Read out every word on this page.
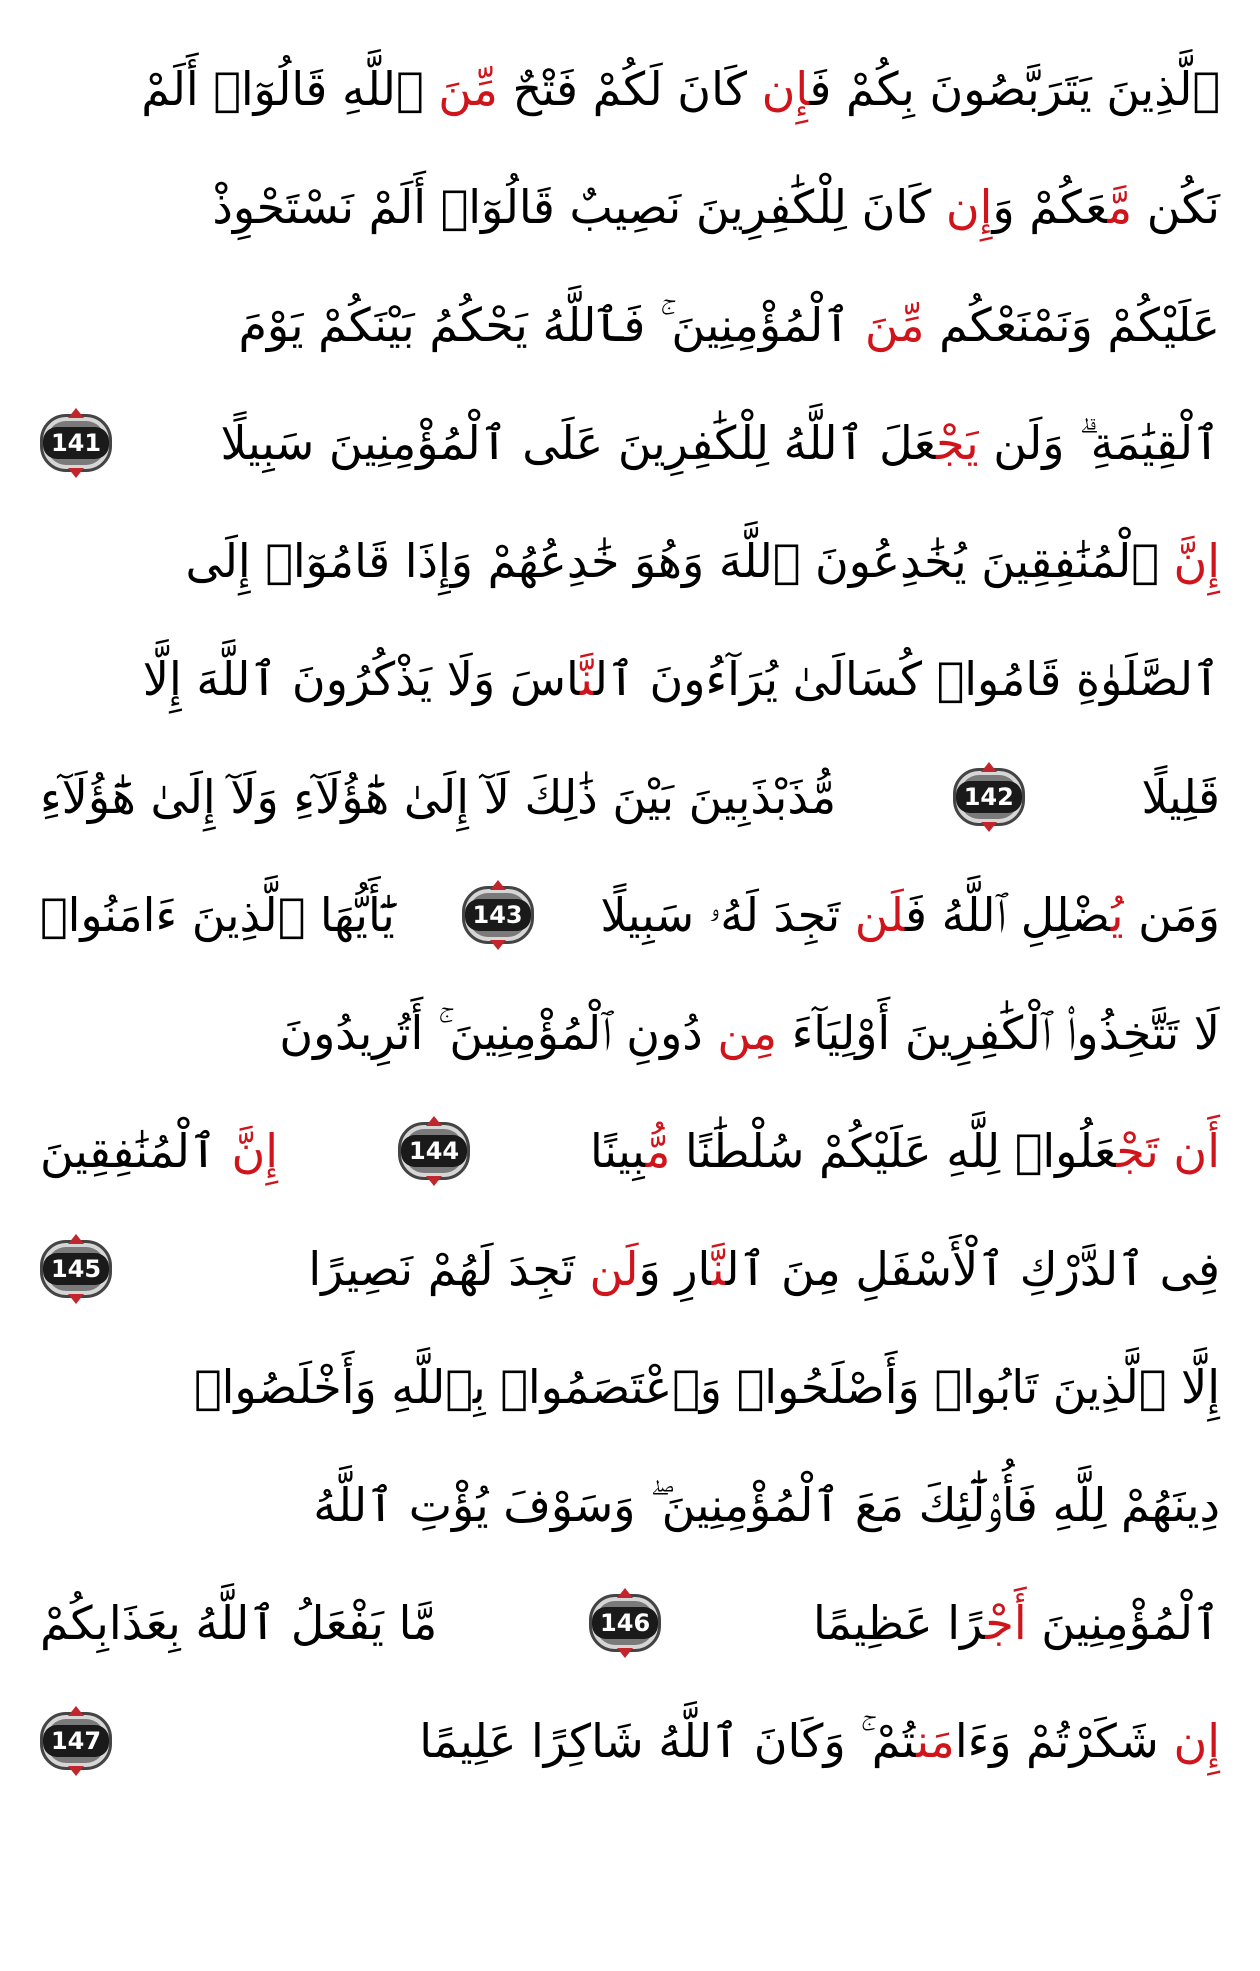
ٱلَّذِينَ يَتَرَبَّصُونَ بِكُمْ فَإِن كَانَ لَكُمْ فَتْحٌ مِّنَ ٱللَّهِ قَالُوٓا۟ أَلَمْ
نَكُن مَّعَكُمْ وَإِن كَانَ لِلْكَٰفِرِينَ نَصِيبٌ قَالُوٓا۟ أَلَمْ نَسْتَحْوِذْ
عَلَيْكُمْ وَنَمْنَعْكُم مِّنَ ٱلْمُؤْمِنِينَ ۚ فَٱللَّهُ يَحْكُمُ بَيْنَكُمْ يَوْمَ
ٱلْقِيَٰمَةِ ۗ وَلَن يَجْعَلَ ٱللَّهُ لِلْكَٰفِرِينَ عَلَى ٱلْمُؤْمِنِينَ سَبِيلًا
141
إِنَّ ٱلْمُنَٰفِقِينَ يُخَٰدِعُونَ ٱللَّهَ وَهُوَ خَٰدِعُهُمْ وَإِذَا قَامُوٓا۟ إِلَى
ٱلصَّلَوٰةِ قَامُوا۟ كُسَالَىٰ يُرَآءُونَ ٱلنَّاسَ وَلَا يَذْكُرُونَ ٱللَّهَ إِلَّا
قَلِيلًا
142
مُّذَبْذَبِينَ بَيْنَ ذَٰلِكَ لَآ إِلَىٰ هَٰٓؤُلَآءِ وَلَآ إِلَىٰ هَٰٓؤُلَآءِ
وَمَن يُضْلِلِ ٱللَّهُ فَلَن تَجِدَ لَهُۥ سَبِيلًا
143
يَٰٓأَيُّهَا ٱلَّذِينَ ءَامَنُوا۟
لَا تَتَّخِذُوا۟ ٱلْكَٰفِرِينَ أَوْلِيَآءَ مِن دُونِ ٱلْمُؤْمِنِينَ ۚ أَتُرِيدُونَ
أَن تَجْعَلُوا۟ لِلَّهِ عَلَيْكُمْ سُلْطَٰنًا مُّبِينًا
144
إِنَّ ٱلْمُنَٰفِقِينَ
فِى ٱلدَّرْكِ ٱلْأَسْفَلِ مِنَ ٱلنَّارِ وَلَن تَجِدَ لَهُمْ نَصِيرًا
145
إِلَّا ٱلَّذِينَ تَابُوا۟ وَأَصْلَحُوا۟ وَٱعْتَصَمُوا۟ بِٱللَّهِ وَأَخْلَصُوا۟
دِينَهُمْ لِلَّهِ فَأُو۟لَٰٓئِكَ مَعَ ٱلْمُؤْمِنِينَ ۖ وَسَوْفَ يُؤْتِ ٱللَّهُ
ٱلْمُؤْمِنِينَ أَجْرًا عَظِيمًا
146
مَّا يَفْعَلُ ٱللَّهُ بِعَذَابِكُمْ
إِن شَكَرْتُمْ وَءَامَنتُمْ ۚ وَكَانَ ٱللَّهُ شَاكِرًا عَلِيمًا
147
